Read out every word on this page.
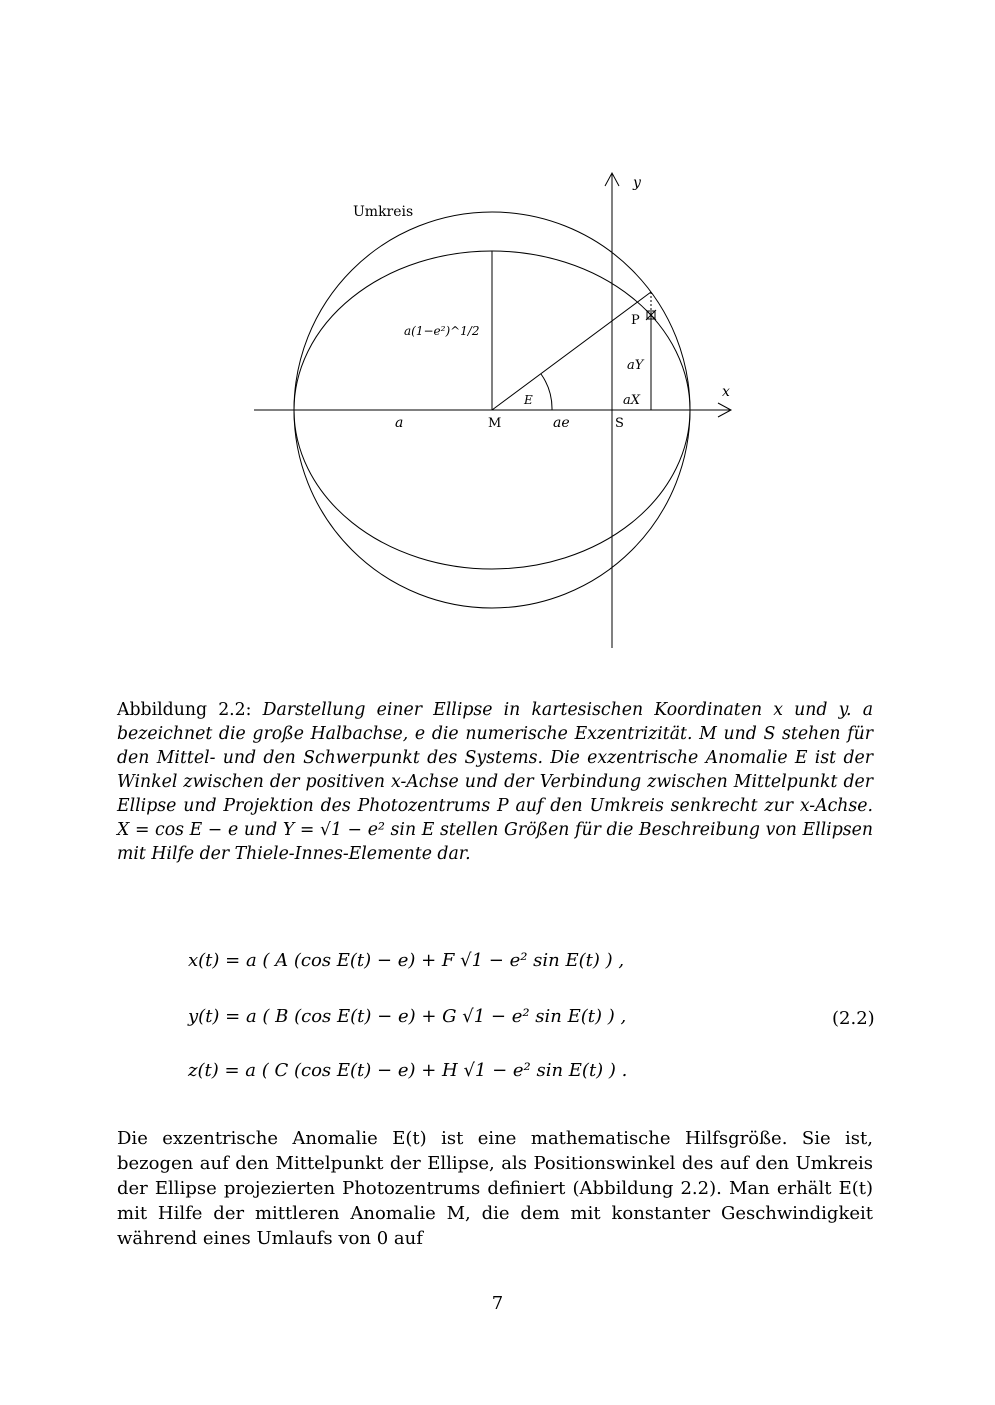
Umkreis
y
x
P
a(1−e²)^1/2
aY
aX
E
a	M	ae	S
Abbildung 2.2: Darstellung einer Ellipse in kartesischen Koordinaten x und y. a bezeichnet die große Halbachse, e die numerische Exzentrizität. M und S stehen für den Mittel- und den Schwerpunkt des Systems. Die exzentrische Anomalie E ist der Winkel zwischen der positiven x-Achse und der Verbindung zwischen Mittelpunkt der Ellipse und Projektion des Photozentrums P auf den Umkreis senkrecht zur x-Achse. X = cos E − e und Y = √1 − e² sin E stellen Größen für die Beschreibung von Ellipsen mit Hilfe der Thiele-Innes-Elemente dar.
x(t) = a ( A (cos E(t) − e) + F √1 − e² sin E(t) ) ,
y(t) = a ( B (cos E(t) − e) + G √1 − e² sin E(t) ) ,
z(t) = a ( C (cos E(t) − e) + H √1 − e² sin E(t) ) .
(2.2)
Die exzentrische Anomalie E(t) ist eine mathematische Hilfsgröße. Sie ist, bezogen auf den Mittelpunkt der Ellipse, als Positionswinkel des auf den Umkreis der Ellipse projezierten Photozentrums definiert (Abbildung 2.2). Man erhält E(t) mit Hilfe der mittleren Anomalie M, die dem mit konstanter Geschwindigkeit während eines Umlaufs von 0 auf
7
